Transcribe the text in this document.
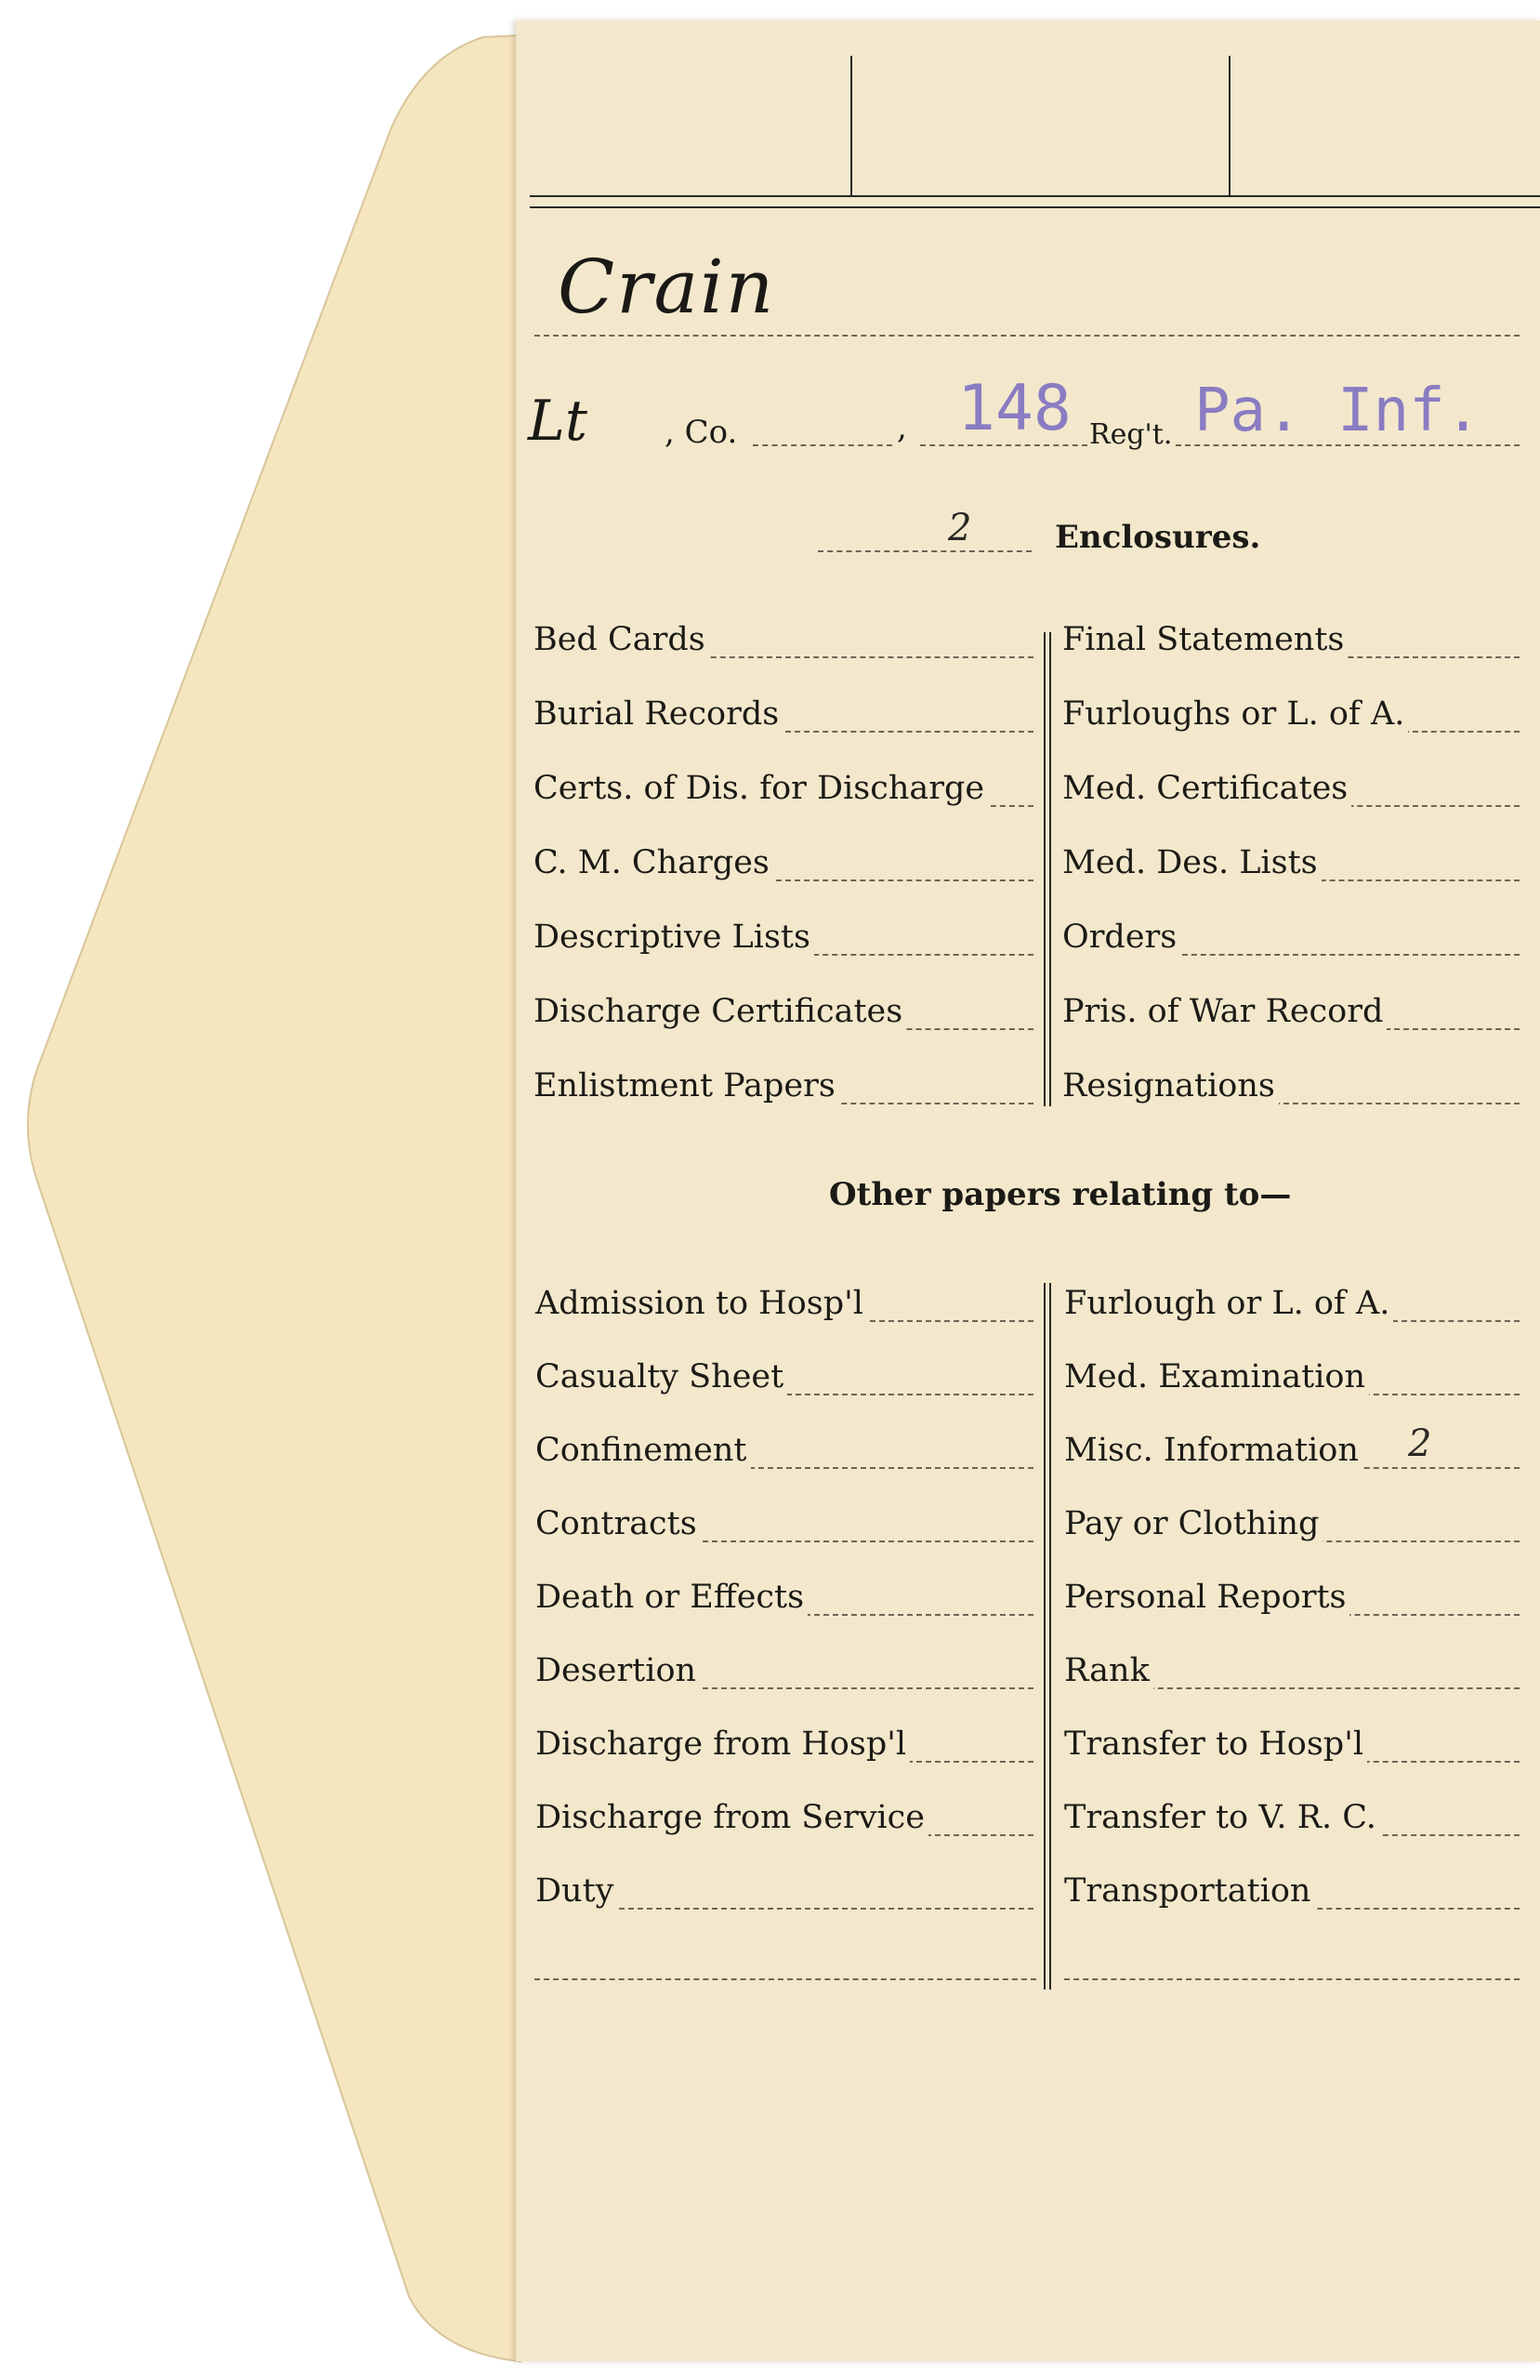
Crain
Lt , Co.	, 148 Reg't. Pa. Inf.
2	Enclosures.
Bed Cards
Burial Records
Certs. of Dis. for Discharge
C. M. Charges
Descriptive Lists
Discharge Certificates
Enlistment Papers
Final Statements
Furloughs or L. of A.
Med. Certificates
Med. Des. Lists
Orders
Pris. of War Record
Resignations
Other papers relating to—
Admission to Hosp'l
Casualty Sheet
Confinement
Contracts
Death or Effects
Desertion
Discharge from Hosp'l
Discharge from Service
Duty
Furlough or L. of A.
Med. Examination
Misc. Information
Pay or Clothing
Personal Reports
Rank
Transfer to Hosp'l
Transfer to V. R. C.
Transportation
2
